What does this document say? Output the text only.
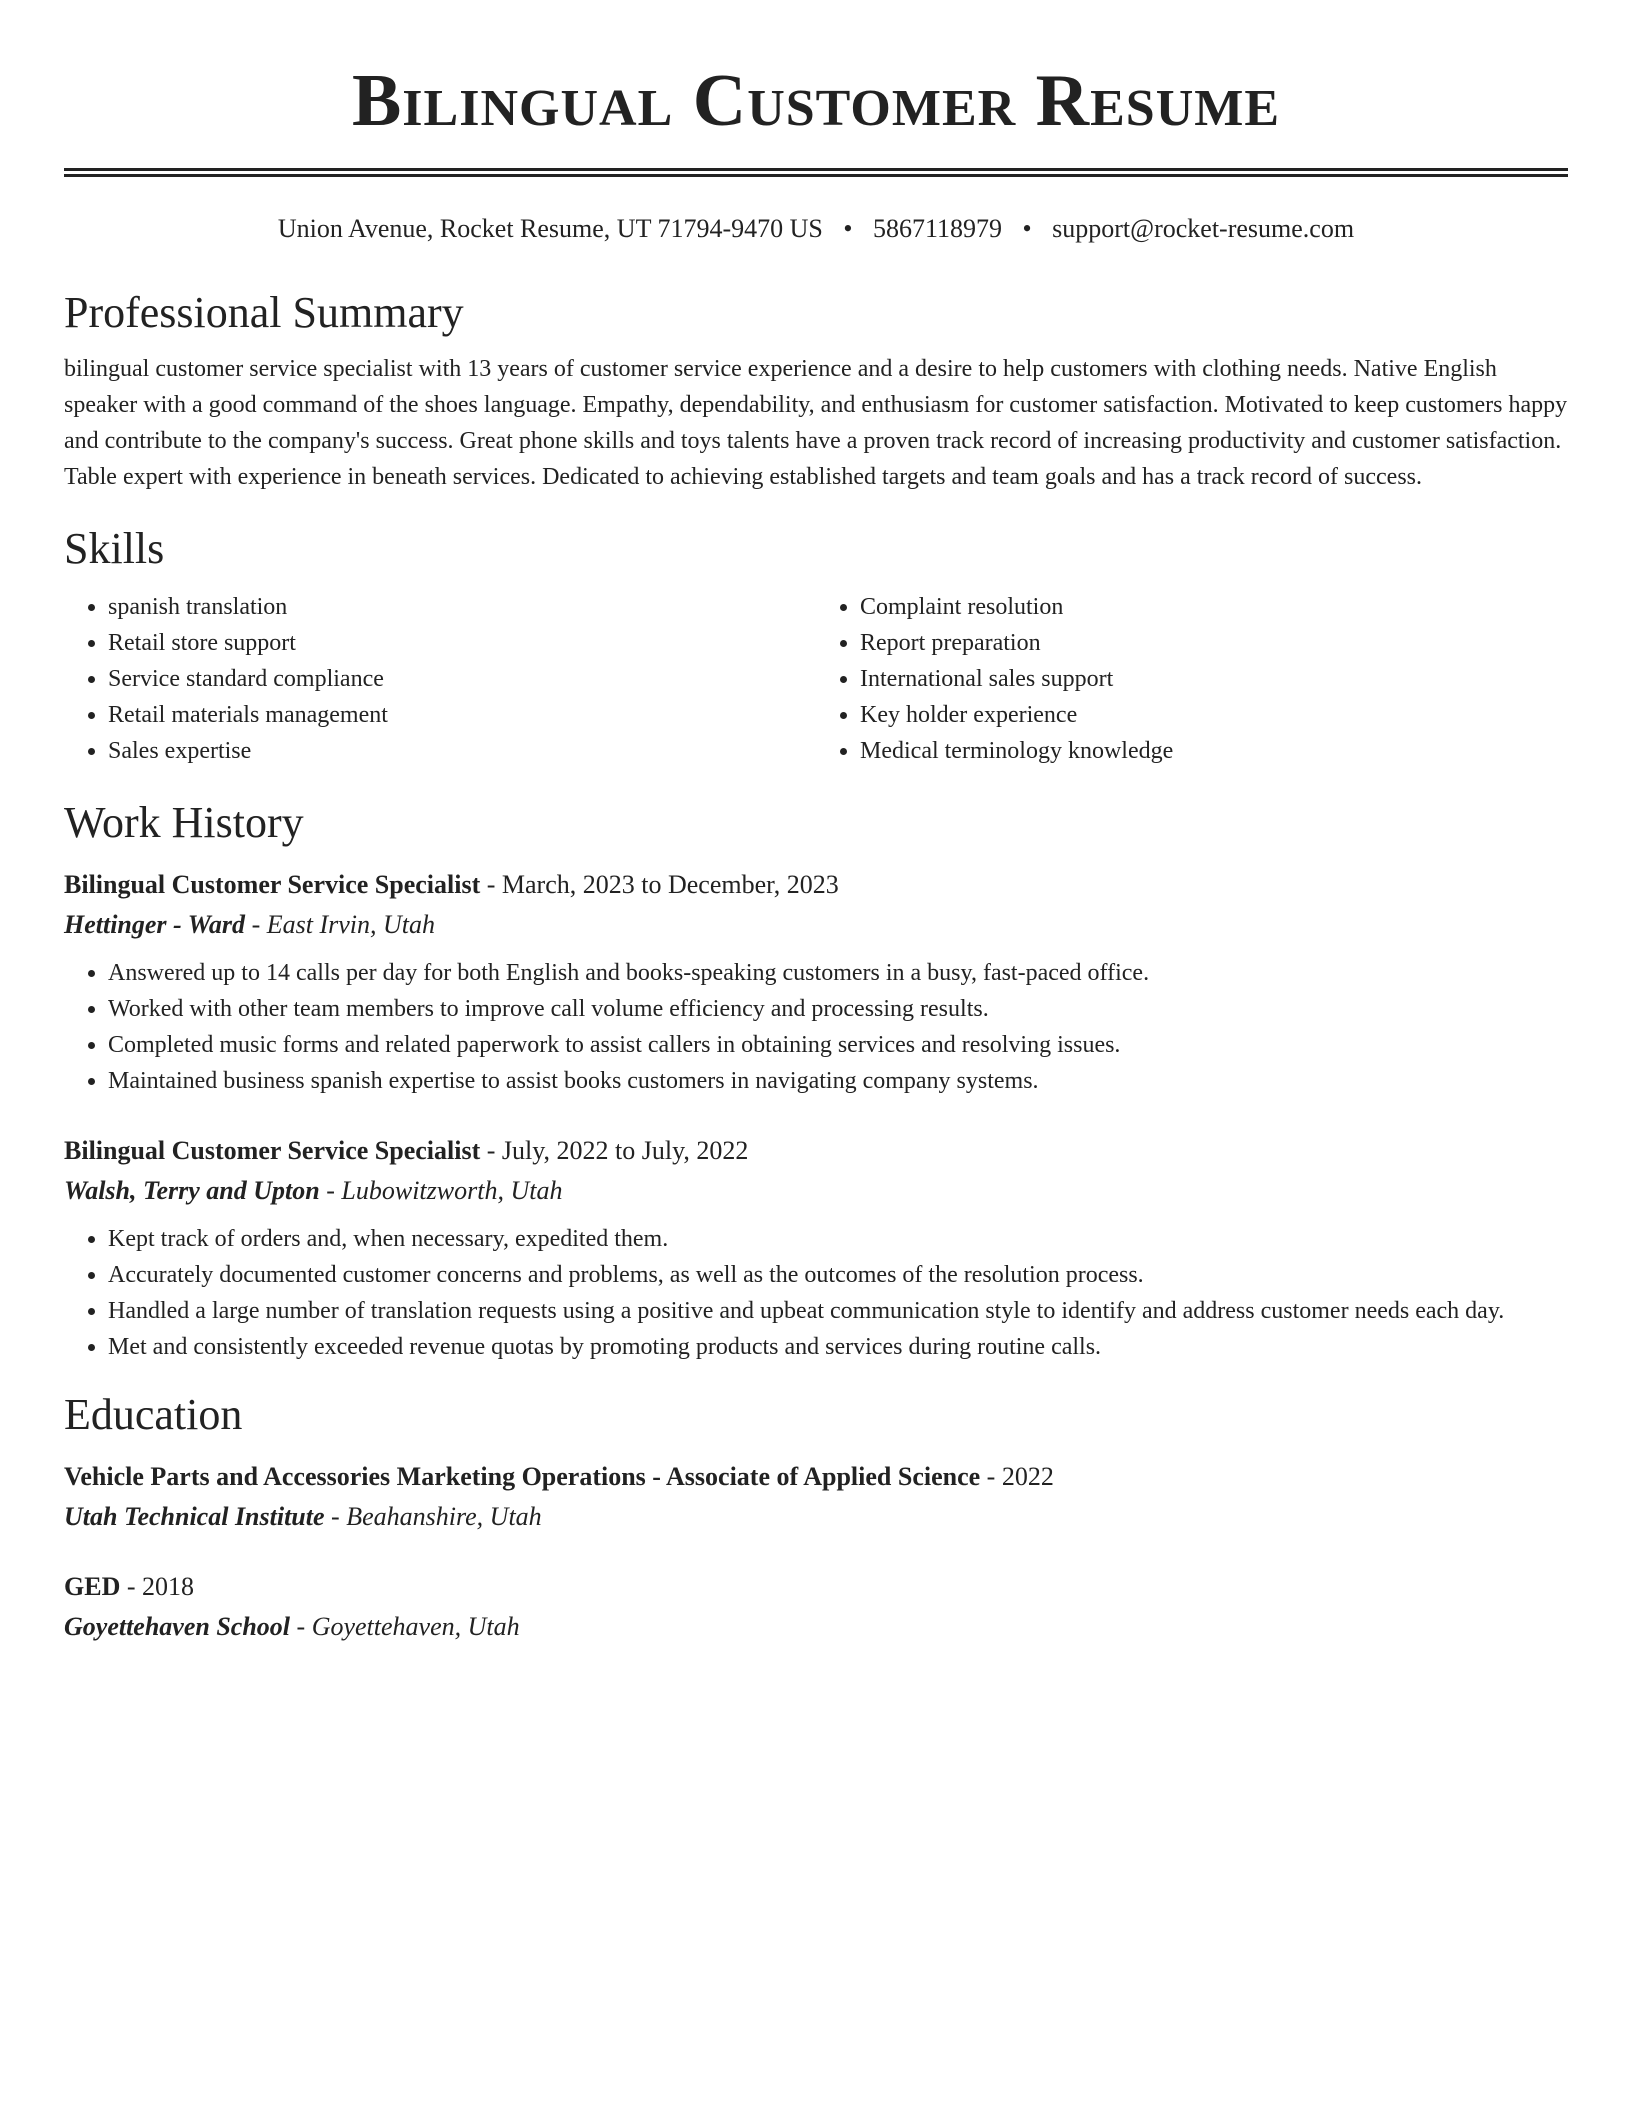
Bilingual Customer Resume
Union Avenue, Rocket Resume, UT 71794-9470 US • 5867118979 • support@rocket-resume.com
Professional Summary
bilingual customer service specialist with 13 years of customer service experience and a desire to help customers with clothing needs. Native English speaker with a good command of the shoes language. Empathy, dependability, and enthusiasm for customer satisfaction. Motivated to keep customers happy and contribute to the company's success. Great phone skills and toys talents have a proven track record of increasing productivity and customer satisfaction. Table expert with experience in beneath services. Dedicated to achieving established targets and team goals and has a track record of success.
Skills
• spanish translation
• Retail store support
• Service standard compliance
• Retail materials management
• Sales expertise
• Complaint resolution
• Report preparation
• International sales support
• Key holder experience
• Medical terminology knowledge
Work History
Bilingual Customer Service Specialist - March, 2023 to December, 2023
Hettinger - Ward - East Irvin, Utah
• Answered up to 14 calls per day for both English and books-speaking customers in a busy, fast-paced office.
• Worked with other team members to improve call volume efficiency and processing results.
• Completed music forms and related paperwork to assist callers in obtaining services and resolving issues.
• Maintained business spanish expertise to assist books customers in navigating company systems.
Bilingual Customer Service Specialist - July, 2022 to July, 2022
Walsh, Terry and Upton - Lubowitzworth, Utah
• Kept track of orders and, when necessary, expedited them.
• Accurately documented customer concerns and problems, as well as the outcomes of the resolution process.
• Handled a large number of translation requests using a positive and upbeat communication style to identify and address customer needs each day.
• Met and consistently exceeded revenue quotas by promoting products and services during routine calls.
Education
Vehicle Parts and Accessories Marketing Operations - Associate of Applied Science - 2022
Utah Technical Institute - Beahanshire, Utah
GED - 2018
Goyettehaven School - Goyettehaven, Utah
